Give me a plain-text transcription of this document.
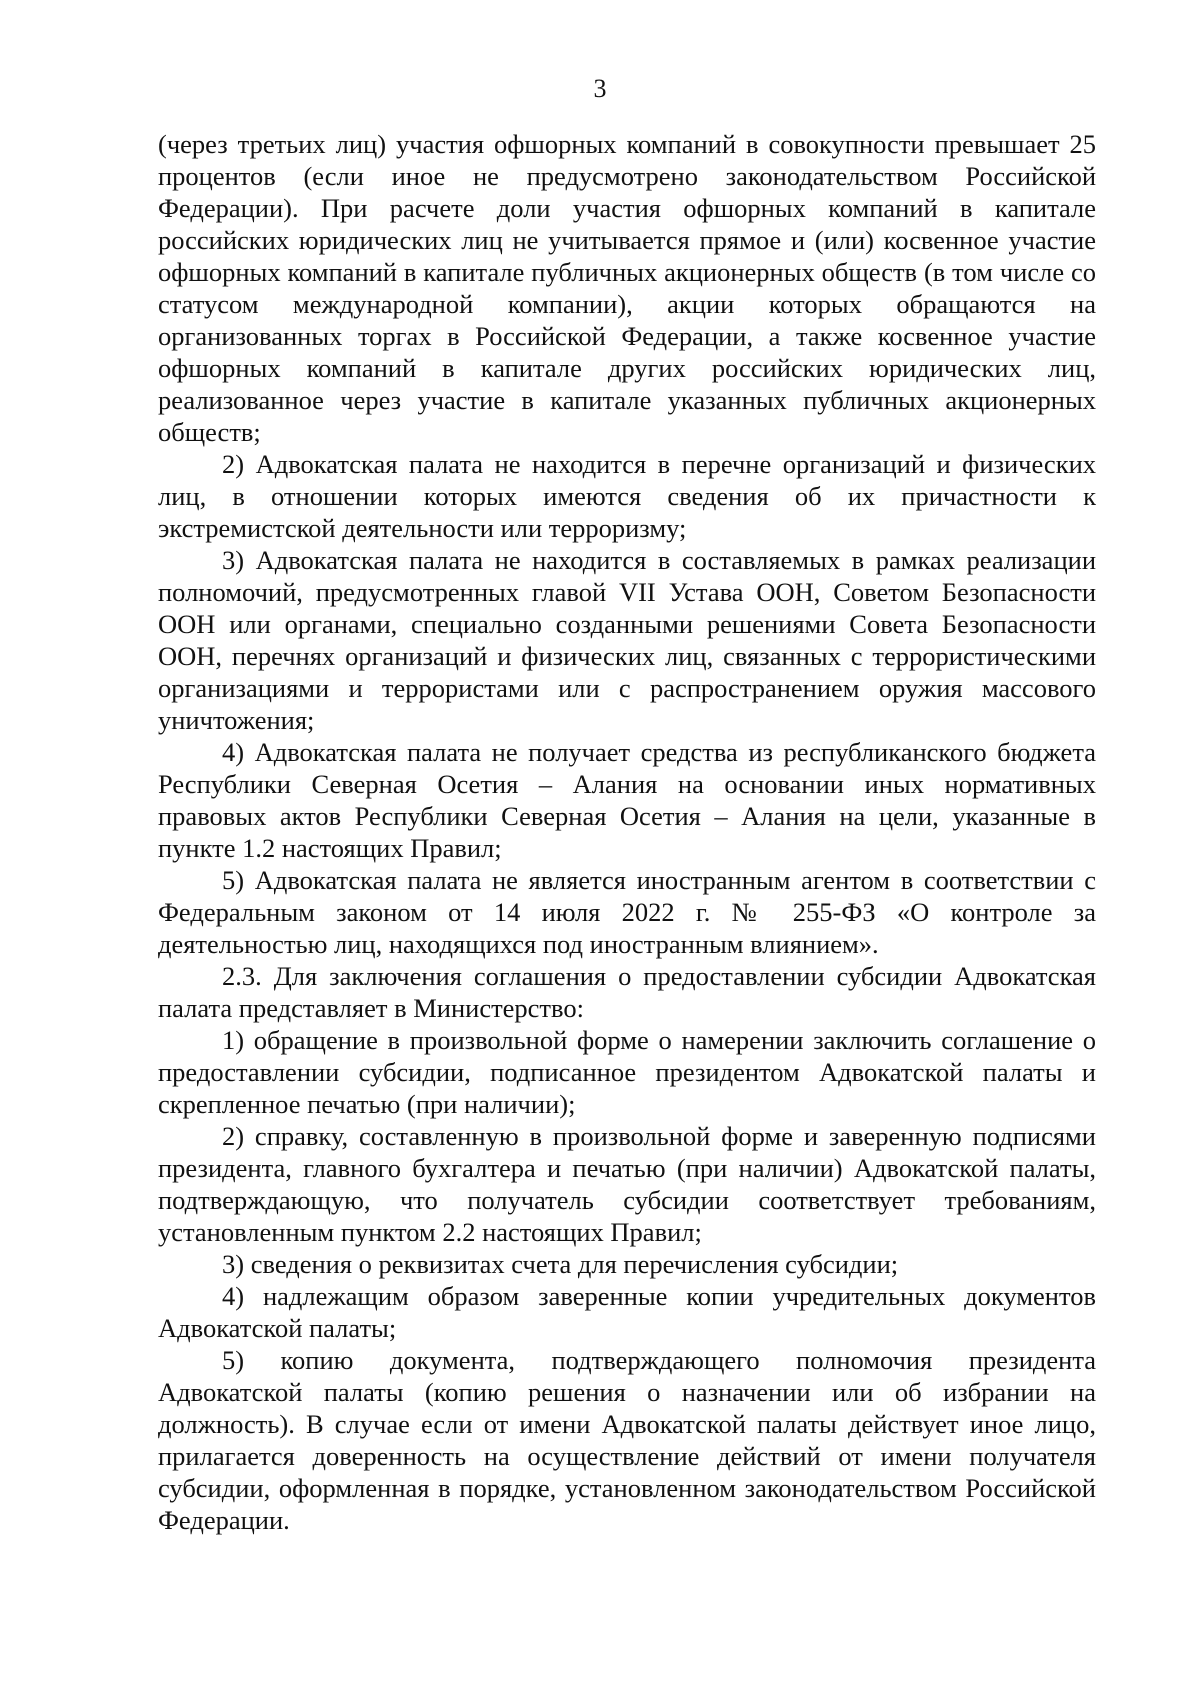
3

(через третьих лиц) участия офшорных компаний в совокупности превышает 25 процентов (если иное не предусмотрено законодательством Российской Федерации). При расчете доли участия офшорных компаний в капитале российских юридических лиц не учитывается прямое и (или) косвенное участие офшорных компаний в капитале публичных акционерных обществ (в том числе со статусом международной компании), акции которых обращаются на организованных торгах в Российской Федерации, а также косвенное участие офшорных компаний в капитале других российских юридических лиц, реализованное через участие в капитале указанных публичных акционерных обществ;

2) Адвокатская палата не находится в перечне организаций и физических лиц, в отношении которых имеются сведения об их причастности к экстремистской деятельности или терроризму;

3) Адвокатская палата не находится в составляемых в рамках реализации полномочий, предусмотренных главой VII Устава ООН, Советом Безопасности ООН или органами, специально созданными решениями Совета Безопасности ООН, перечнях организаций и физических лиц, связанных с террористическими организациями и террористами или с распространением оружия массового уничтожения;

4) Адвокатская палата не получает средства из республиканского бюджета Республики Северная Осетия – Алания на основании иных нормативных правовых актов Республики Северная Осетия – Алания на цели, указанные в пункте 1.2 настоящих Правил;

5) Адвокатская палата не является иностранным агентом в соответствии с Федеральным законом от 14 июля 2022 г. № 255-ФЗ «О контроле за деятельностью лиц, находящихся под иностранным влиянием».

2.3. Для заключения соглашения о предоставлении субсидии Адвокатская палата представляет в Министерство:

1) обращение в произвольной форме о намерении заключить соглашение о предоставлении субсидии, подписанное президентом Адвокатской палаты и скрепленное печатью (при наличии);

2) справку, составленную в произвольной форме и заверенную подписями президента, главного бухгалтера и печатью (при наличии) Адвокатской палаты, подтверждающую, что получатель субсидии соответствует требованиям, установленным пунктом 2.2 настоящих Правил;

3) сведения о реквизитах счета для перечисления субсидии;

4) надлежащим образом заверенные копии учредительных документов Адвокатской палаты;

5) копию документа, подтверждающего полномочия президента Адвокатской палаты (копию решения о назначении или об избрании на должность). В случае если от имени Адвокатской палаты действует иное лицо, прилагается доверенность на осуществление действий от имени получателя субсидии, оформленная в порядке, установленном законодательством Российской Федерации.
